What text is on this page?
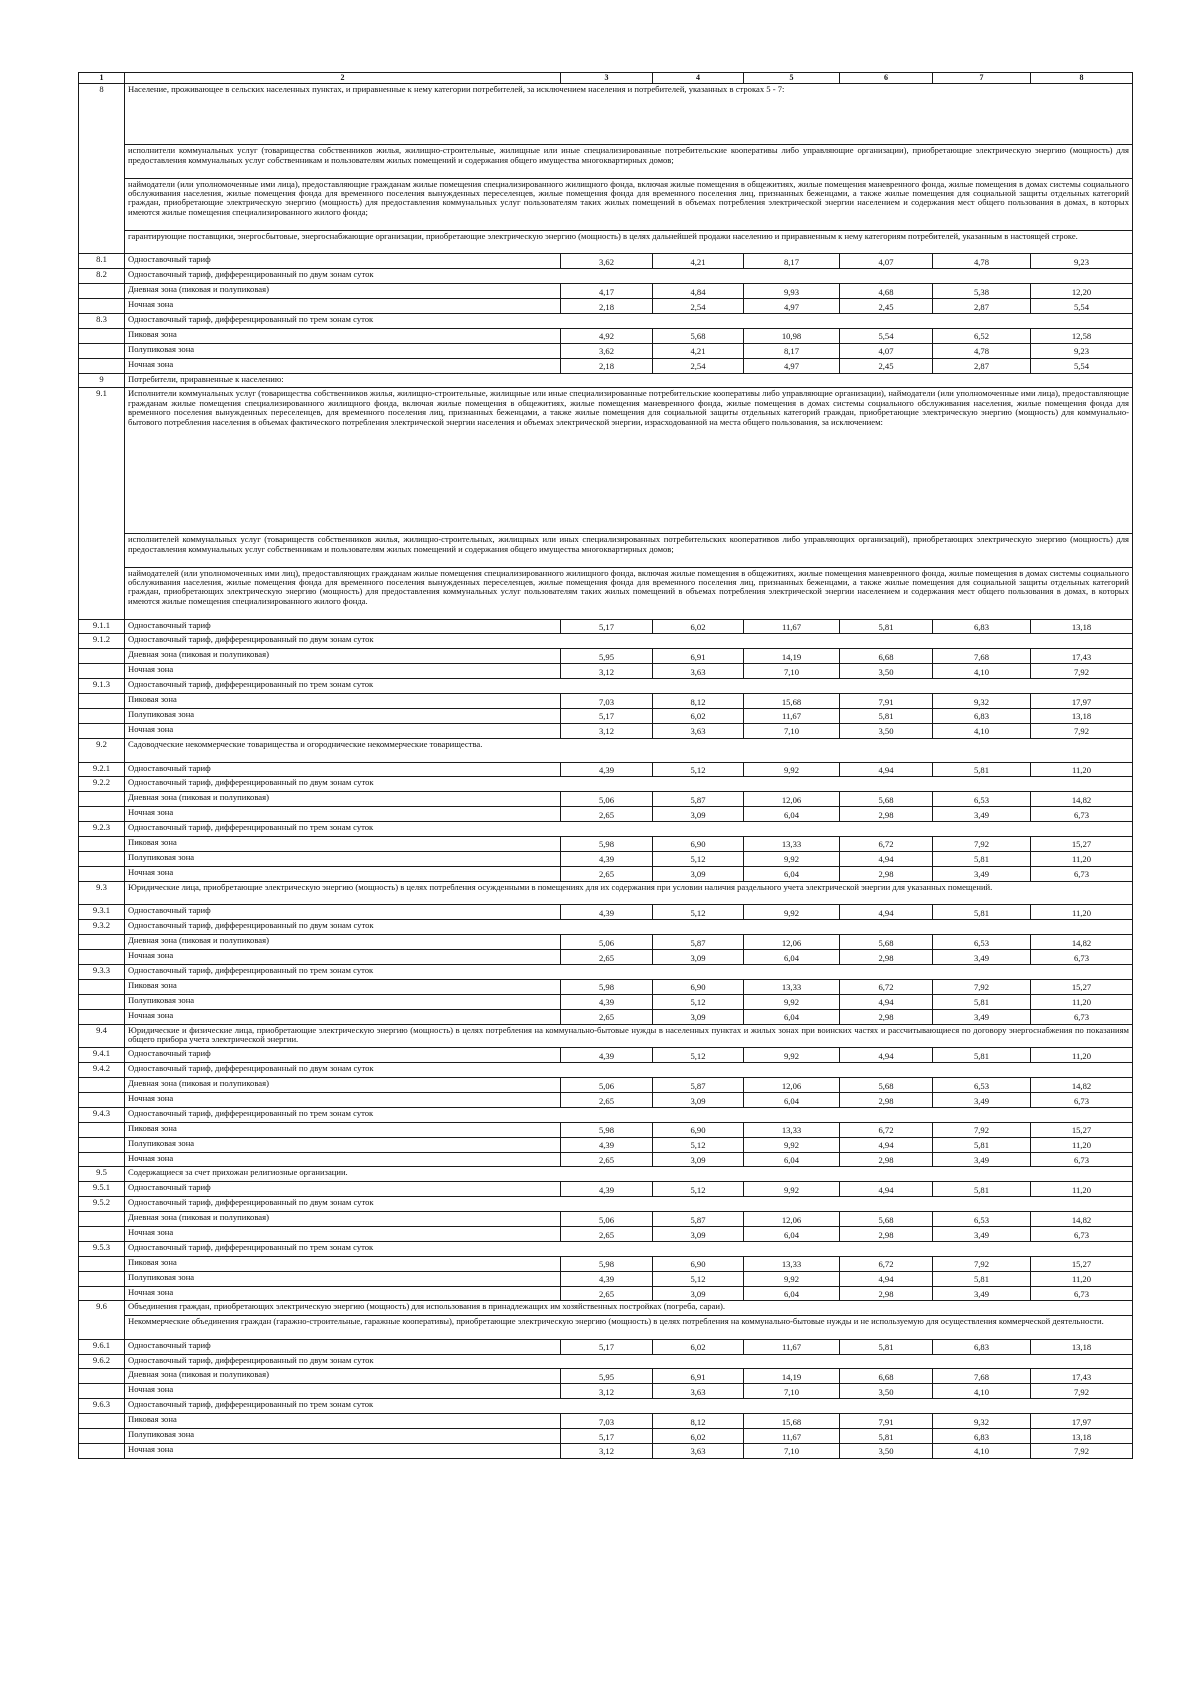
1	2	3	4	5	6	7	8
8	Население, проживающее в сельских населенных пунктах, и приравненные к нему категории потребителей, за исключением населения и потребителей, указанных в строках 5 - 7:						
	исполнители коммунальных услуг (товарищества собственников жилья, жилищно-строительные, жилищные или иные специализированные потребительские кооперативы либо управляющие организации), приобретающие электрическую энергию (мощность) для предоставления коммунальных услуг собственникам и пользователям жилых помещений и содержания общего имущества многоквартирных домов;						
	наймодатели (или уполномоченные ими лица), предоставляющие гражданам жилые помещения специализированного жилищного фонда, включая жилые помещения в общежитиях, жилые помещения маневренного фонда, жилые помещения в домах системы социального обслуживания населения, жилые помещения фонда для временного поселения вынужденных переселенцев, жилые помещения фонда для временного поселения лиц, признанных беженцами, а также жилые помещения для социальной защиты отдельных категорий граждан, приобретающие электрическую энергию (мощность) для предоставления коммунальных услуг пользователям таких жилых помещений в объемах потребления электрической энергии населением и содержания мест общего пользования в домах, в которых имеются жилые помещения специализированного жилого фонда;						
	гарантирующие поставщики, энергосбытовые, энергоснабжающие организации, приобретающие электрическую энергию (мощность) в целях дальнейшей продажи населению и приравненным к нему категориям потребителей, указанным в настоящей строке.						
8.1	Одноставочный тариф	3,62	4,21	8,17	4,07	4,78	9,23
8.2	Одноставочный тариф, дифференцированный по двум зонам суток						
	Дневная зона (пиковая и полупиковая)	4,17	4,84	9,93	4,68	5,38	12,20
	Ночная зона	2,18	2,54	4,97	2,45	2,87	5,54
8.3	Одноставочный тариф, дифференцированный по трем зонам суток						
	Пиковая зона	4,92	5,68	10,98	5,54	6,52	12,58
	Полупиковая зона	3,62	4,21	8,17	4,07	4,78	9,23
	Ночная зона	2,18	2,54	4,97	2,45	2,87	5,54
9	Потребители, приравненные к населению:						
9.1	Исполнители коммунальных услуг (товарищества собственников жилья, жилищно-строительные, жилищные или иные специализированные потребительские кооперативы либо управляющие организации), наймодатели (или уполномоченные ими лица), предоставляющие гражданам жилые помещения специализированного жилищного фонда, включая жилые помещения в общежитиях, жилые помещения маневренного фонда, жилые помещения в домах системы социального обслуживания населения, жилые помещения фонда для временного поселения вынужденных переселенцев, для временного поселения лиц, признанных беженцами, а также жилые помещения для социальной защиты отдельных категорий граждан, приобретающие электрическую энергию (мощность) для коммунально-бытового потребления населения в объемах фактического потребления электрической энергии населения и объемах электрической энергии, израсходованной на места общего пользования, за исключением:						
	исполнителей коммунальных услуг (товариществ собственников жилья, жилищно-строительных, жилищных или иных специализированных потребительских кооперативов либо управляющих организаций), приобретающих электрическую энергию (мощность) для предоставления коммунальных услуг собственникам и пользователям жилых помещений и содержания общего имущества многоквартирных домов;						
	наймодателей (или уполномоченных ими лиц), предоставляющих гражданам жилые помещения специализированного жилищного фонда, включая жилые помещения в общежитиях, жилые помещения маневренного фонда, жилые помещения в домах системы социального обслуживания населения, жилые помещения фонда для временного поселения вынужденных переселенцев, жилые помещения фонда для временного поселения лиц, признанных беженцами, а также жилые помещения для социальной защиты отдельных категорий граждан, приобретающих электрическую энергию (мощность) для предоставления коммунальных услуг пользователям таких жилых помещений в объемах потребления электрической энергии населением и содержания мест общего пользования в домах, в которых имеются жилые помещения специализированного жилого фонда.						
9.1.1	Одноставочный тариф	5,17	6,02	11,67	5,81	6,83	13,18
9.1.2	Одноставочный тариф, дифференцированный по двум зонам суток						
	Дневная зона (пиковая и полупиковая)	5,95	6,91	14,19	6,68	7,68	17,43
	Ночная зона	3,12	3,63	7,10	3,50	4,10	7,92
9.1.3	Одноставочный тариф, дифференцированный по трем зонам суток						
	Пиковая зона	7,03	8,12	15,68	7,91	9,32	17,97
	Полупиковая зона	5,17	6,02	11,67	5,81	6,83	13,18
	Ночная зона	3,12	3,63	7,10	3,50	4,10	7,92
9.2	Садоводческие некоммерческие товарищества и огороднические некоммерческие товарищества.						
9.2.1	Одноставочный тариф	4,39	5,12	9,92	4,94	5,81	11,20
9.2.2	Одноставочный тариф, дифференцированный по двум зонам суток						
	Дневная зона (пиковая и полупиковая)	5,06	5,87	12,06	5,68	6,53	14,82
	Ночная зона	2,65	3,09	6,04	2,98	3,49	6,73
9.2.3	Одноставочный тариф, дифференцированный по трем зонам суток						
	Пиковая зона	5,98	6,90	13,33	6,72	7,92	15,27
	Полупиковая зона	4,39	5,12	9,92	4,94	5,81	11,20
	Ночная зона	2,65	3,09	6,04	2,98	3,49	6,73
9.3	Юридические лица, приобретающие электрическую энергию (мощность) в целях потребления осужденными в помещениях для их содержания при условии наличия раздельного учета электрической энергии для указанных помещений.						
9.3.1	Одноставочный тариф	4,39	5,12	9,92	4,94	5,81	11,20
9.3.2	Одноставочный тариф, дифференцированный по двум зонам суток						
	Дневная зона (пиковая и полупиковая)	5,06	5,87	12,06	5,68	6,53	14,82
	Ночная зона	2,65	3,09	6,04	2,98	3,49	6,73
9.3.3	Одноставочный тариф, дифференцированный по трем зонам суток						
	Пиковая зона	5,98	6,90	13,33	6,72	7,92	15,27
	Полупиковая зона	4,39	5,12	9,92	4,94	5,81	11,20
	Ночная зона	2,65	3,09	6,04	2,98	3,49	6,73
9.4	Юридические и физические лица, приобретающие электрическую энергию (мощность) в целях потребления на коммунально-бытовые нужды в населенных пунктах и жилых зонах при воинских частях и рассчитывающиеся по договору энергоснабжения по показаниям общего прибора учета электрической энергии.						
9.4.1	Одноставочный тариф	4,39	5,12	9,92	4,94	5,81	11,20
9.4.2	Одноставочный тариф, дифференцированный по двум зонам суток						
	Дневная зона (пиковая и полупиковая)	5,06	5,87	12,06	5,68	6,53	14,82
	Ночная зона	2,65	3,09	6,04	2,98	3,49	6,73
9.4.3	Одноставочный тариф, дифференцированный по трем зонам суток						
	Пиковая зона	5,98	6,90	13,33	6,72	7,92	15,27
	Полупиковая зона	4,39	5,12	9,92	4,94	5,81	11,20
	Ночная зона	2,65	3,09	6,04	2,98	3,49	6,73
9.5	Содержащиеся за счет прихожан религиозные организации.						
9.5.1	Одноставочный тариф	4,39	5,12	9,92	4,94	5,81	11,20
9.5.2	Одноставочный тариф, дифференцированный по двум зонам суток						
	Дневная зона (пиковая и полупиковая)	5,06	5,87	12,06	5,68	6,53	14,82
	Ночная зона	2,65	3,09	6,04	2,98	3,49	6,73
9.5.3	Одноставочный тариф, дифференцированный по трем зонам суток						
	Пиковая зона	5,98	6,90	13,33	6,72	7,92	15,27
	Полупиковая зона	4,39	5,12	9,92	4,94	5,81	11,20
	Ночная зона	2,65	3,09	6,04	2,98	3,49	6,73
9.6	Объединения граждан, приобретающих электрическую энергию (мощность) для использования в принадлежащих им хозяйственных постройках (погреба, сараи).						
	Некоммерческие объединения граждан (гаражно-строительные, гаражные кооперативы), приобретающие электрическую энергию (мощность) в целях потребления на коммунально-бытовые нужды и не используемую для осуществления коммерческой деятельности.						
9.6.1	Одноставочный тариф	5,17	6,02	11,67	5,81	6,83	13,18
9.6.2	Одноставочный тариф, дифференцированный по двум зонам суток						
	Дневная зона (пиковая и полупиковая)	5,95	6,91	14,19	6,68	7,68	17,43
	Ночная зона	3,12	3,63	7,10	3,50	4,10	7,92
9.6.3	Одноставочный тариф, дифференцированный по трем зонам суток						
	Пиковая зона	7,03	8,12	15,68	7,91	9,32	17,97
	Полупиковая зона	5,17	6,02	11,67	5,81	6,83	13,18
	Ночная зона	3,12	3,63	7,10	3,50	4,10	7,92
